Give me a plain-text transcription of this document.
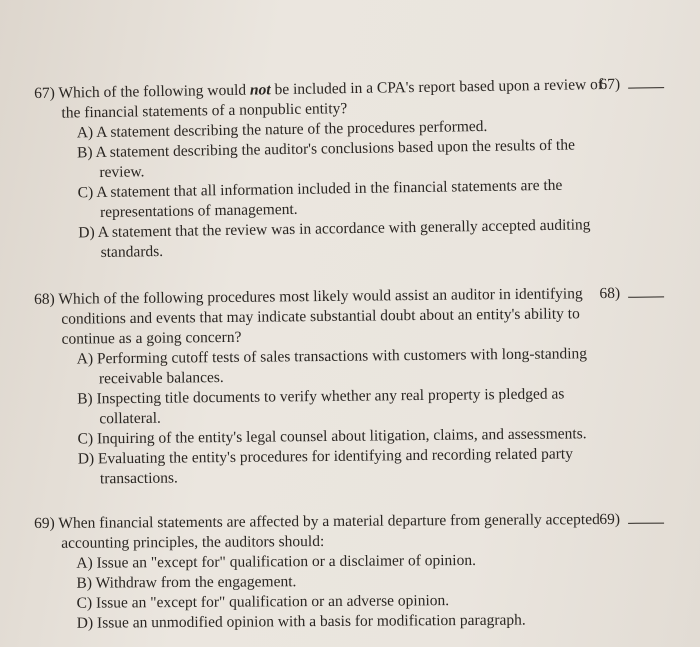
67)
67) Which of the following would not be included in a CPA's report based upon a review of
the financial statements of a nonpublic entity?
A) A statement describing the nature of the procedures performed.
B) A statement describing the auditor's conclusions based upon the results of the
review.
C) A statement that all information included in the financial statements are the
representations of management.
D) A statement that the review was in accordance with generally accepted auditing
standards.
68)
68) Which of the following procedures most likely would assist an auditor in identifying
conditions and events that may indicate substantial doubt about an entity's ability to
continue as a going concern?
A) Performing cutoff tests of sales transactions with customers with long-standing
receivable balances.
B) Inspecting title documents to verify whether any real property is pledged as
collateral.
C) Inquiring of the entity's legal counsel about litigation, claims, and assessments.
D) Evaluating the entity's procedures for identifying and recording related party
transactions.
69)
69) When financial statements are affected by a material departure from generally accepted
accounting principles, the auditors should:
A) Issue an "except for" qualification or a disclaimer of opinion.
B) Withdraw from the engagement.
C) Issue an "except for" qualification or an adverse opinion.
D) Issue an unmodified opinion with a basis for modification paragraph.
